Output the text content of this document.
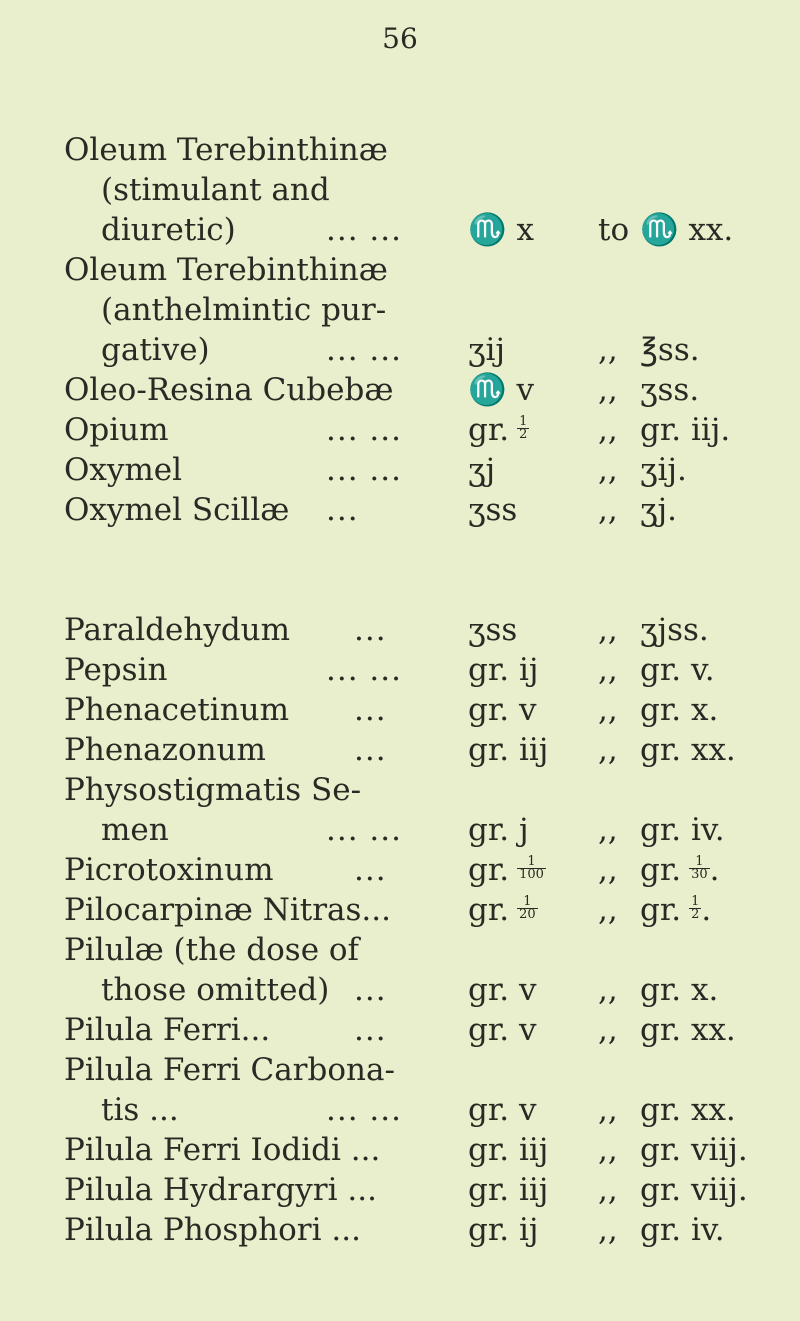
56
Oleum Terebinthinæ
(stimulant and
diuretic)	... ... ♏ x to ♏ xx.
Oleum Terebinthinæ
(anthelmintic pur-
gative)	... ... ʒij	,, ℥ss.
Oleo-Resina Cubebæ ♏ v ,, ʒss.
Opium	... ... gr. $\frac{1}{2}$ ,, gr. iij.
Oxymel	... ... ʒj	,, ʒij.
Oxymel Scillæ ...	ʒss	,, ʒj.
Paraldehydum ...	ʒss	,, ʒjss.
Pepsin	... ... gr. ij ,, gr. v.
Phenacetinum ...	gr. v ,, gr. x.
Phenazonum	...	gr. iij ,, gr. xx.
Physostigmatis Se-
men	... ... gr. j ,, gr. iv.
Picrotoxinum	...	gr. $\frac{1}{100}$ ,, gr. $\frac{1}{30}$ .
Pilocarpinæ Nitras... gr. $\frac{1}{20}$ ,, gr. $\frac{1}{2}$ .
Pilulæ (the dose of
those omitted) ...	gr. v ,, gr. x.
Pilula Ferri...	...	gr. v ,, gr. xx.
Pilula Ferri Carbona-
tis ...	... ... gr. v ,, gr. xx.
Pilula Ferri Iodidi ...	gr. iij ,, gr. viij.
Pilula Hydrargyri ...	gr. iij ,, gr. viij.
Pilula Phosphori ...	gr. ij ,, gr. iv.
